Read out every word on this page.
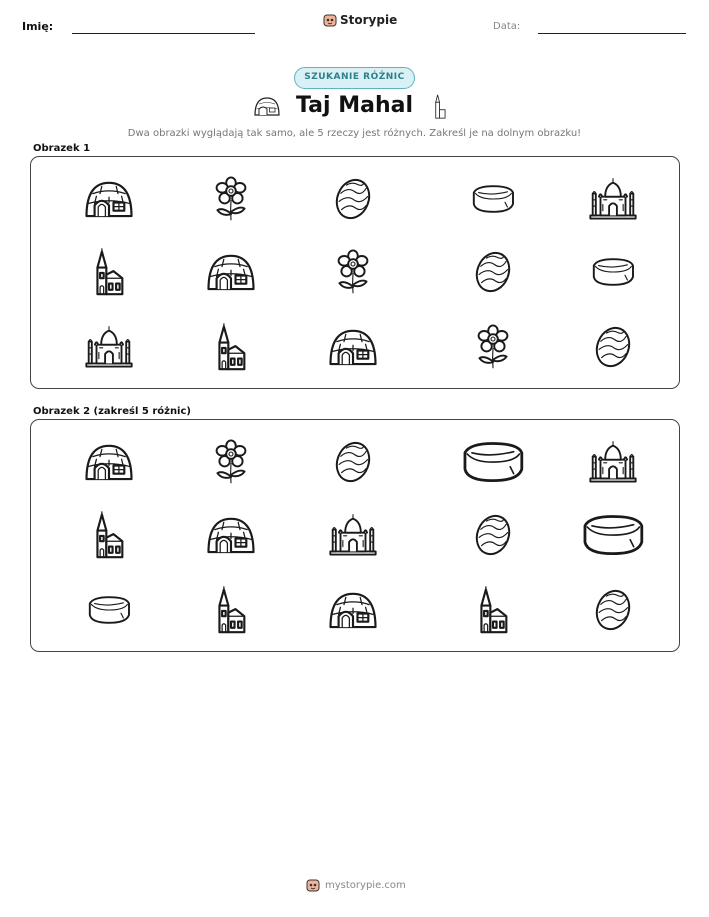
Imię:	Storypie	Data:
SZUKANIE RÓŻNIC
Taj Mahal
Dwa obrazki wyglądają tak samo, ale 5 rzeczy jest różnych. Zakreśl je na dolnym obrazku!
Obrazek 1
Obrazek 2 (zakreśl 5 różnic)
mystorypie.com
